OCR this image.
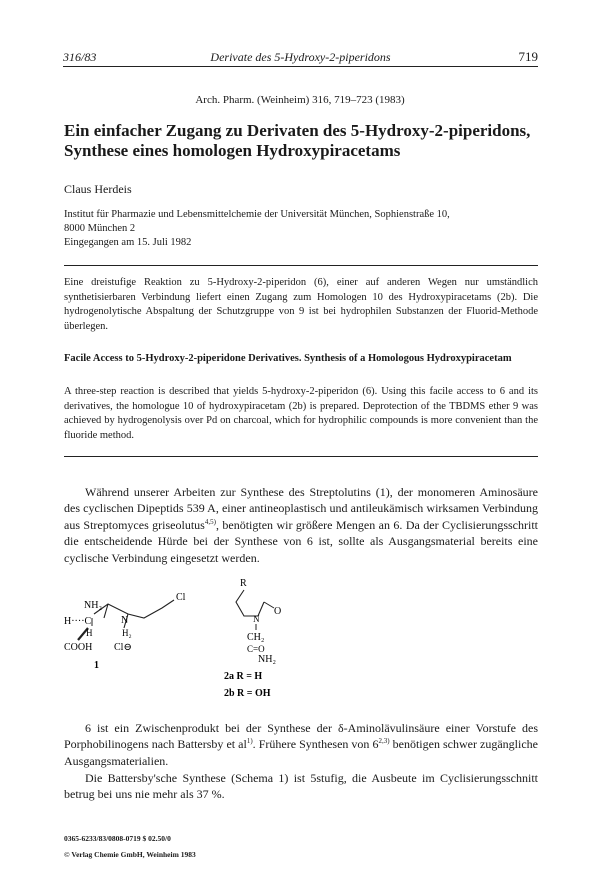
316/83	Derivate des 5-Hydroxy-2-piperidons	719
Arch. Pharm. (Weinheim) 316, 719–723 (1983)
Ein einfacher Zugang zu Derivaten des 5-Hydroxy-2-piperidons, Synthese eines homologen Hydroxypiracetams
Claus Herdeis
Institut für Pharmazie und Lebensmittelchemie der Universität München, Sophienstraße 10,
8000 München 2
Eingegangen am 15. Juli 1982

Eine dreistufige Reaktion zu 5-Hydroxy-2-piperidon (6), einer auf anderen Wegen nur umständlich synthetisierbaren Verbindung liefert einen Zugang zum Homologen 10 des Hydroxypiracetams (2b). Die hydrogenolytische Abspaltung der Schutzgruppe von 9 ist bei hydrophilen Substanzen der Fluorid-Methode überlegen.

Facile Access to 5-Hydroxy-2-piperidone Derivatives. Synthesis of a Homologous Hydroxypiracetam

A three-step reaction is described that yields 5-hydroxy-2-piperidon (6). Using this facile access to 6 and its derivatives, the homologue 10 of hydroxypiracetam (2b) is prepared. Deprotection of the TBDMS ether 9 was achieved by hydrogenolysis over Pd on charcoal, which for hydrophilic compounds is more convenient than the fluoride method.

Während unserer Arbeiten zur Synthese des Streptolutins (1), der monomeren Aminosäure des cyclischen Dipeptids 539 A, einer antineoplastisch und antileukämisch wirksamen Verbindung aus Streptomyces griseolutus$^{4,5)}$, benötigten wir größere Mengen an 6. Da der Cyclisierungsschritt die entscheidende Hürde bei der Synthese von 6 ist, sollte als Ausgangsmaterial bereits eine cyclische Verbindung eingesetzt werden.

NH₂
Cl
H····C	N
H	H₂
COOH Cl⊖
1
R
N
O
CH₂
C=O
NH₂
2a R = H
2b R = OH

6 ist ein Zwischenprodukt bei der Synthese der δ-Aminolävulinsäure einer Vorstufe des Porphobilinogens nach Battersby et $al^{1)}$. Frühere Synthesen von 6$^{2,3)}$ benötigen schwer zugängliche Ausgangsmaterialien.

Die Battersby'sche Synthese (Schema 1) ist 5stufig, die Ausbeute im Cyclisierungsschnitt betrug bei uns nie mehr als 37 %.

0365-6233/83/0808-0719 $ 02.50/0
© Verlag Chemie GmbH, Weinheim 1983
